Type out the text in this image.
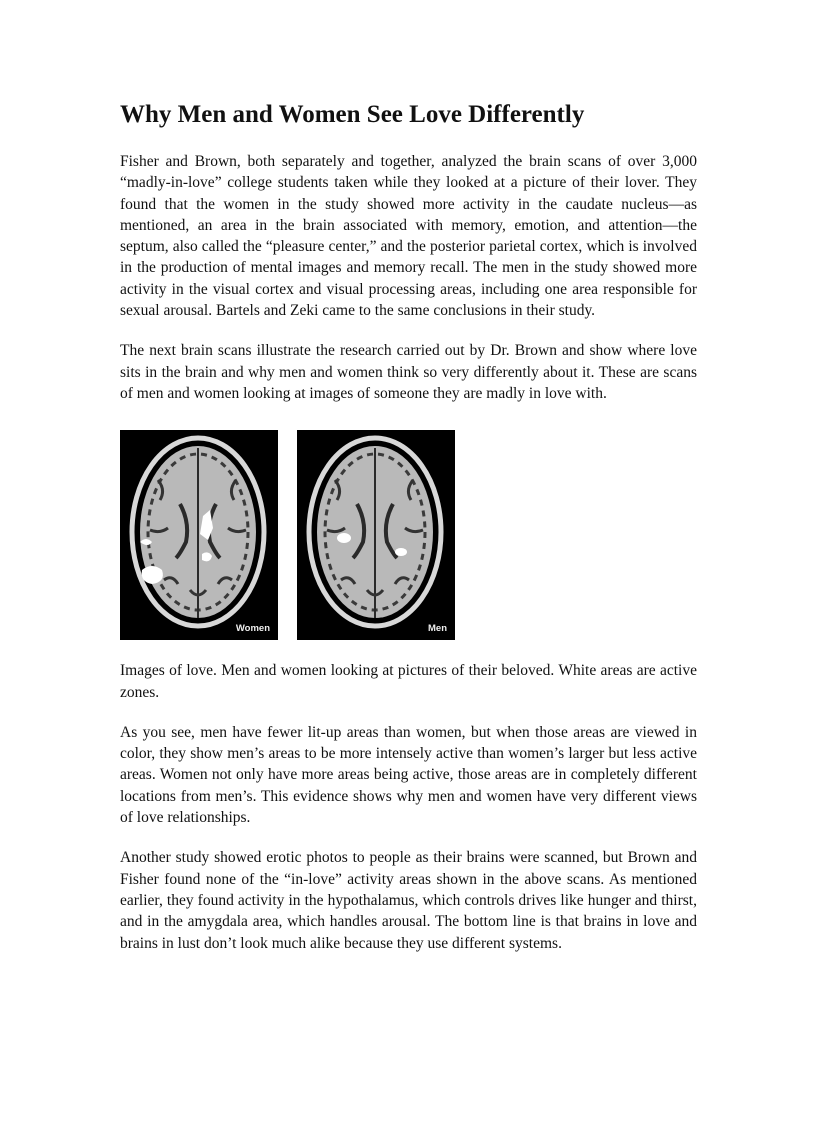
Why Men and Women See Love Differently

Fisher and Brown, both separately and together, analyzed the brain scans of over 3,000 “madly-in-love” college students taken while they looked at a picture of their lover. They found that the women in the study showed more activity in the caudate nucleus—as mentioned, an area in the brain associated with memory, emotion, and attention—the septum, also called the “pleasure center,” and the posterior parietal cortex, which is involved in the production of mental images and memory recall. The men in the study showed more activity in the visual cortex and visual processing areas, including one area responsible for sexual arousal. Bartels and Zeki came to the same conclusions in their study.

The next brain scans illustrate the research carried out by Dr. Brown and show where love sits in the brain and why men and women think so very differently about it. These are scans of men and women looking at images of someone they are madly in love with.

Women	Men

Images of love. Men and women looking at pictures of their beloved. White areas are active zones.

As you see, men have fewer lit-up areas than women, but when those areas are viewed in color, they show men’s areas to be more intensely active than women’s larger but less active areas. Women not only have more areas being active, those areas are in completely different locations from men’s. This evidence shows why men and women have very different views of love relationships.

Another study showed erotic photos to people as their brains were scanned, but Brown and Fisher found none of the “in-love” activity areas shown in the above scans. As mentioned earlier, they found activity in the hypothalamus, which controls drives like hunger and thirst, and in the amygdala area, which handles arousal. The bottom line is that brains in love and brains in lust don’t look much alike because they use different systems.
